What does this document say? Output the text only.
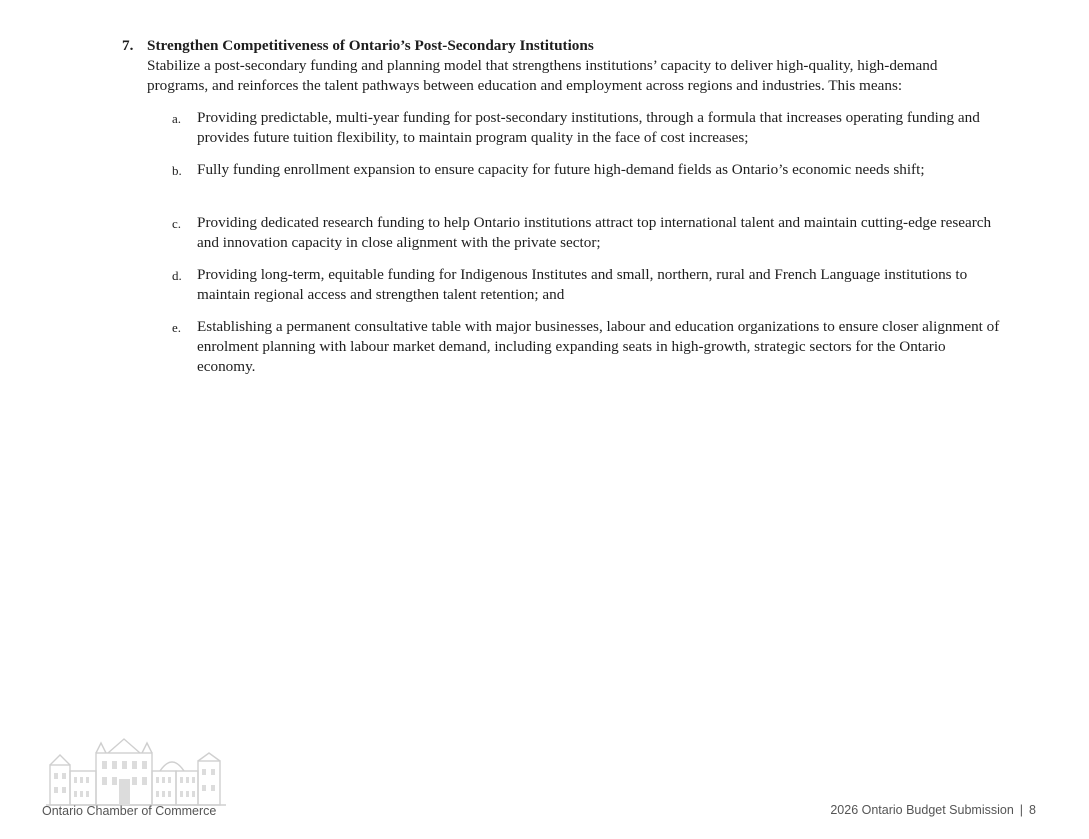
7. Strengthen Competitiveness of Ontario’s Post-Secondary Institutions
Stabilize a post-secondary funding and planning model that strengthens institutions’ capacity to deliver high-quality, high-demand programs, and reinforces the talent pathways between education and employment across regions and industries. This means:
a.	Providing predictable, multi-year funding for post-secondary institutions, through a formula that increases operating funding and provides future tuition flexibility, to maintain program quality in the face of cost increases;
b.	Fully funding enrollment expansion to ensure capacity for future high-demand fields as Ontario’s economic needs shift;
c.	Providing dedicated research funding to help Ontario institutions attract top international talent and maintain cutting-edge research and innovation capacity in close alignment with the private sector;
d.	Providing long-term, equitable funding for Indigenous Institutes and small, northern, rural and French Language institutions to maintain regional access and strengthen talent retention; and
e.	Establishing a permanent consultative table with major businesses, labour and education organizations to ensure closer alignment of enrolment planning with labour market demand, including expanding seats in high-growth, strategic sectors for the Ontario economy.
Ontario Chamber of Commerce	2026 Ontario Budget Submission | 8
